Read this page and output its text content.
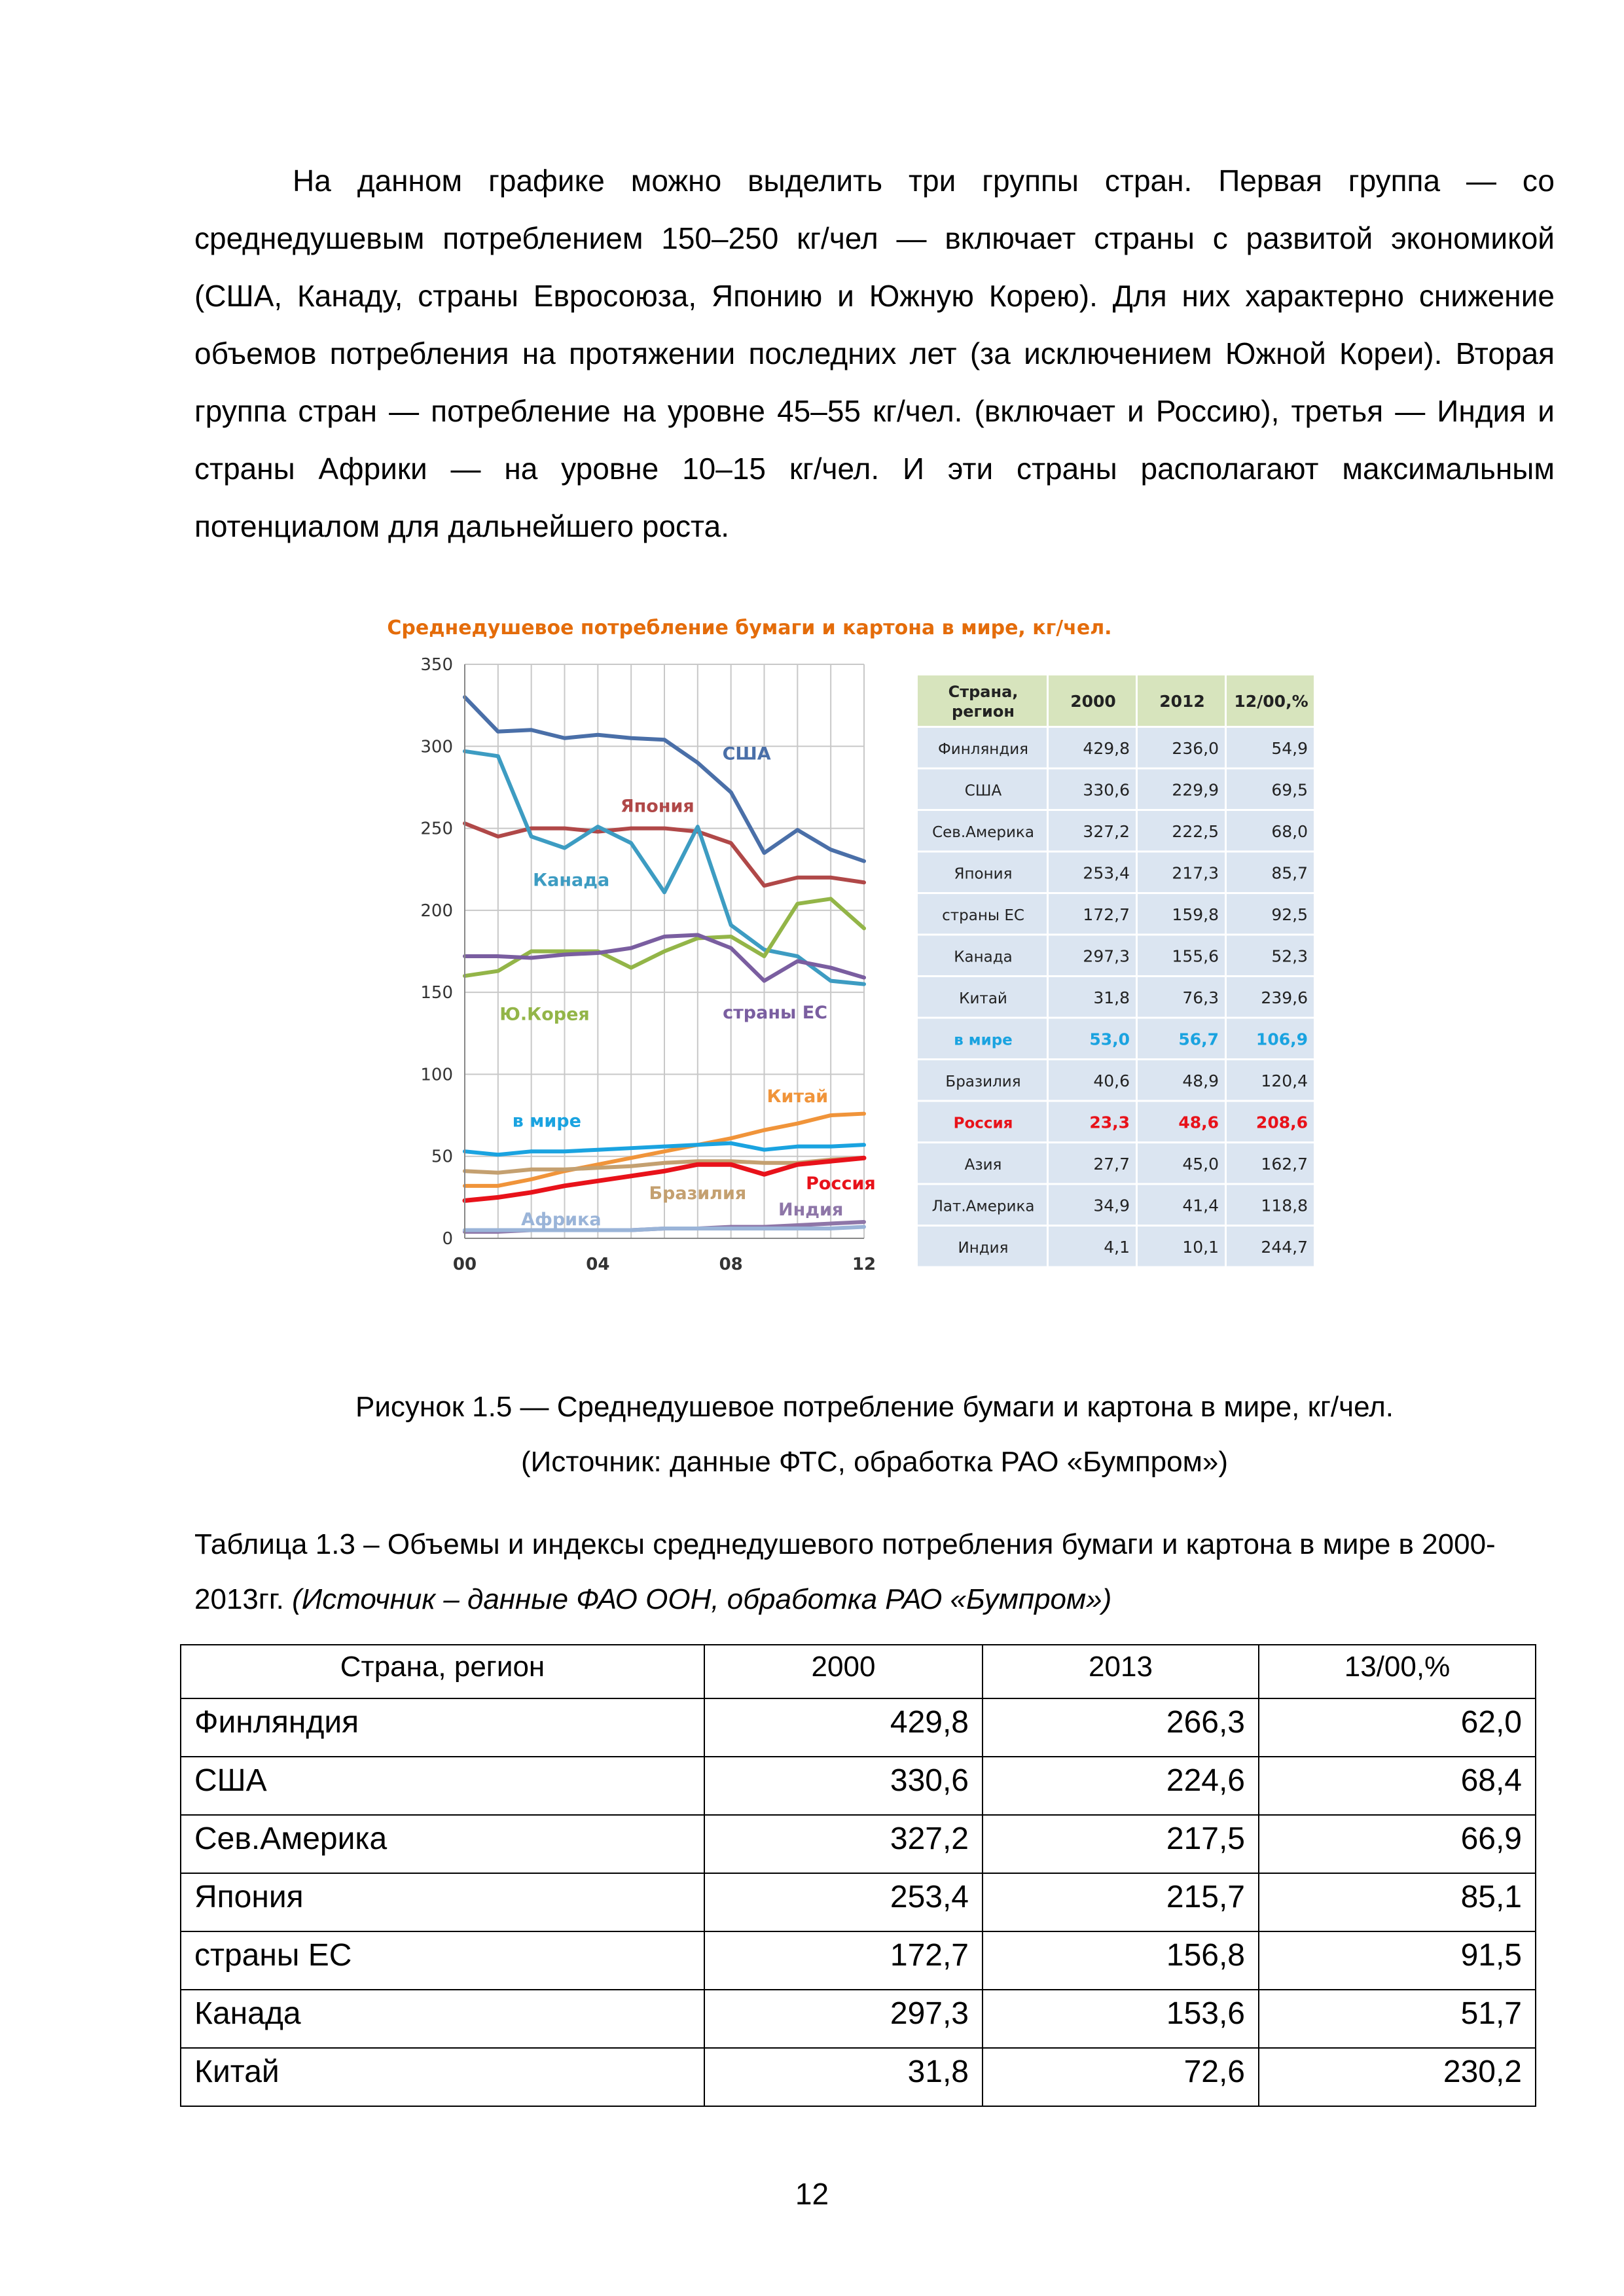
На данном графике можно выделить три группы стран. Первая группа — со среднедушевым потреблением 150–250 кг/чел — включает страны с развитой экономикой (США, Канаду, страны Евросоюза, Японию и Южную Корею). Для них характерно снижение объемов потребления на протяжении последних лет (за исключением Южной Кореи). Вторая группа стран — потребление на уровне 45–55 кг/чел. (включает и Россию), третья — Индия и страны Африки — на уровне 10–15 кг/чел. И эти страны располагают максимальным потенциалом для дальнейшего роста.
Среднедушевое потребление бумаги и картона в мире, кг/чел.
0
50
100
150
200
250
300
350
00	04	08	12
США
Япония
Канада
Ю.Корея	страны ЕС
Китай
в мире
Бразилия	Россия
Индия
Африка
Страна,
регион
2000	2012 12/00,%
Финляндия	429,8	236,0	54,9
США	330,6	229,9	69,5
Сев.Америка	327,2	222,5	68,0
Япония	253,4	217,3	85,7
страны ЕС	172,7	159,8	92,5
Канада	297,3	155,6	52,3
Китай	31,8	76,3	239,6
в мире	53,0	56,7 106,9
Бразилия	40,6	48,9	120,4
Россия	23,3	48,6 208,6
Азия	27,7	45,0	162,7
Лат.Америка	34,9	41,4	118,8
Индия	4,1	10,1	244,7
Рисунок 1.5 — Среднедушевое потребление бумаги и картона в мире, кг/чел.
(Источник: данные ФТС, обработка РАО «Бумпром»)
Таблица 1.3 – Объемы и индексы среднедушевого потребления бумаги и картона в мире в 2000-2013гг. (Источник – данные ФАО ООН, обработка РАО «Бумпром»)
Страна, регион	2000	2013	13/00,%
Финляндия	429,8	266,3	62,0
США	330,6	224,6	68,4
Сев.Америка	327,2	217,5	66,9
Япония	253,4	215,7	85,1
страны ЕС	172,7	156,8	91,5
Канада	297,3	153,6	51,7
Китай	31,8	72,6	230,2
12
